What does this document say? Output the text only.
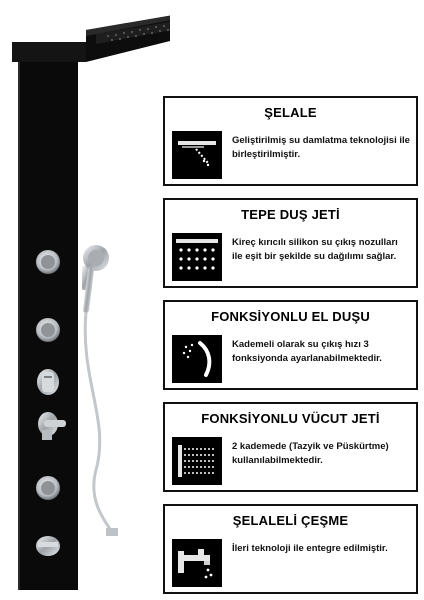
ŞELALE
Geliştirilmiş su damlatma teknolojisi ile birleştirilmiştir.
TEPE DUŞ JETİ
Kireç kırıcılı silikon su çıkış nozulları ile eşit bir şekilde su dağılımı sağlar.
FONKSİYONLU EL DUŞU
Kademeli olarak su çıkış hızı 3 fonksiyonda ayarlanabilmektedir.
FONKSİYONLU VÜCUT JETİ
2 kademede (Tazyik ve Püskürtme) kullanılabilmektedir.
ŞELALELİ ÇEŞME
İleri teknoloji ile entegre edilmiştir.
